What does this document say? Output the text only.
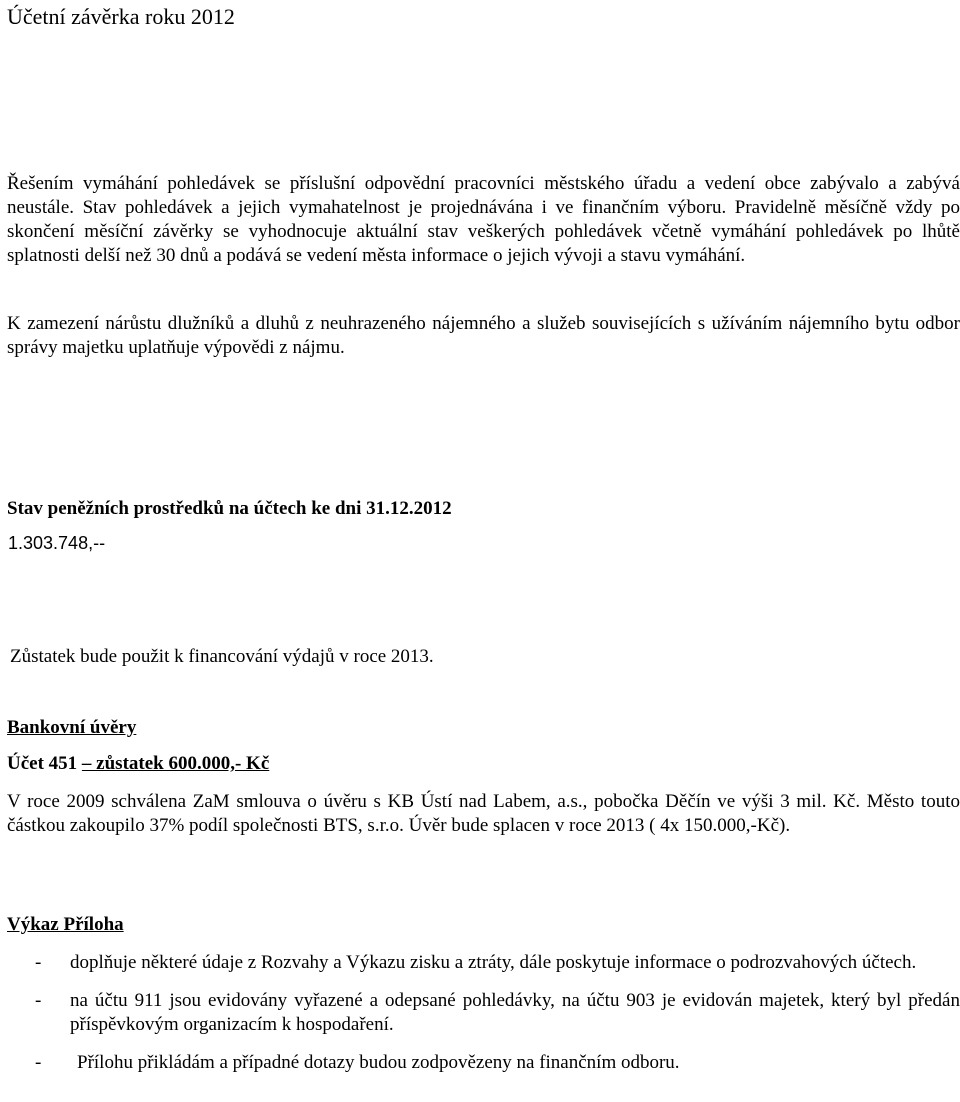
Účetní závěrka roku 2012
Řešením vymáhání pohledávek se příslušní odpovědní pracovníci městského úřadu a vedení obce zabývalo a zabývá neustále. Stav pohledávek a jejich vymahatelnost je projednávána i ve finančním výboru. Pravidelně měsíčně vždy po skončení měsíční závěrky se vyhodnocuje aktuální stav veškerých pohledávek včetně vymáhání pohledávek po lhůtě splatnosti delší než 30 dnů a podává se vedení města informace o jejich vývoji a stavu vymáhání.
K zamezení nárůstu dlužníků a dluhů z neuhrazeného nájemného a služeb souvisejících s užíváním nájemního bytu odbor správy majetku uplatňuje výpovědi z nájmu.
Stav peněžních prostředků na účtech ke dni 31.12.2012
1.303.748,--
Zůstatek bude použit k financování výdajů v roce 2013.
Bankovní úvěry
Účet 451 – zůstatek 600.000,- Kč
V roce 2009 schválena ZaM smlouva o úvěru s KB Ústí nad Labem, a.s., pobočka Děčín ve výši 3 mil. Kč. Město touto částkou zakoupilo 37% podíl společnosti BTS, s.r.o. Úvěr bude splacen v roce 2013 ( 4x 150.000,-Kč).
Výkaz Příloha
- doplňuje některé údaje z Rozvahy a Výkazu zisku a ztráty, dále poskytuje informace o podrozvahových účtech.
- na účtu 911 jsou evidovány vyřazené a odepsané pohledávky, na účtu 903 je evidován majetek, který byl předán příspěvkovým organizacím k hospodaření.
- Přílohu přikládám a případné dotazy budou zodpovězeny na finančním odboru.
